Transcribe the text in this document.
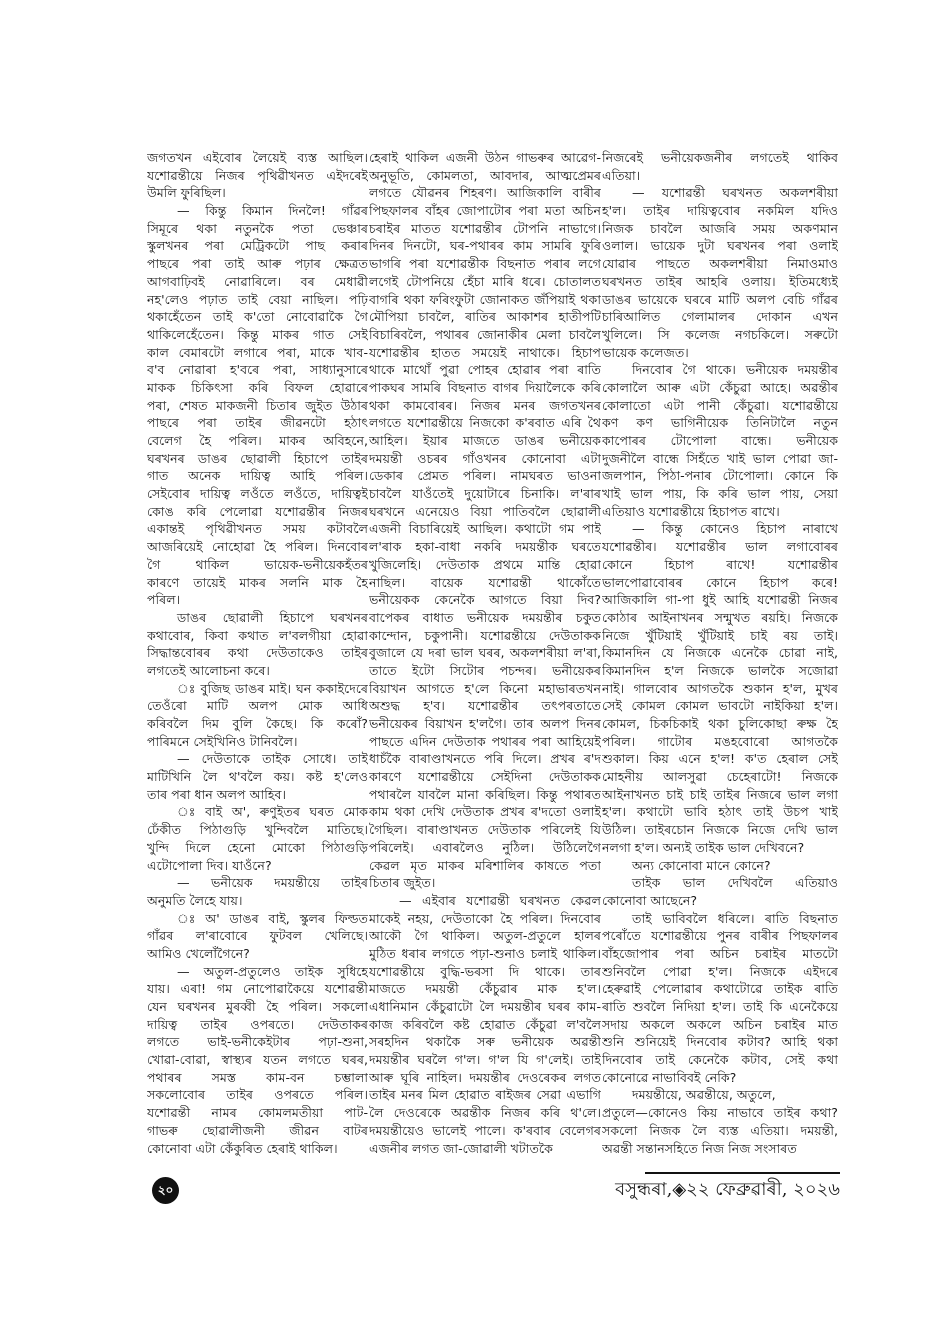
জগতখন এইবোৰ লৈয়েই ব্যস্ত আছিল।
যশোৱন্তীয়ে নিজৰ পৃথিৱীখনত এইদৰেই
উমলি ফুৰিছিল।
— কিন্তু কিমান দিনলৈ! গাঁৱৰ
সিমূৰে থকা নতুনকৈ পতা ভেঞ্চাৰ
স্কুলখনৰ পৰা মেট্ৰিকটো পাছ কৰাৰ
পাছৰে পৰা তাই আৰু পঢ়াৰ ক্ষেত্ৰত
আগবাঢ়িবই নোৱাৰিলে। বৰ মেধাৱী
নহ'লেও পঢ়াত তাই বেয়া নাছিল। পঢ়ি
থকাহেঁতেন তাই ক'তো নোবোৱাকৈ গৈ
থাকিলেহেঁতেন। কিন্তু মাকৰ গাত সেই
কাল বেমাৰটো লগাৰে পৰা, মাকে খাব-
ব'ব নোৱাৰা হ'বৰে পৰা, সাধ্যানুসাৰে
মাকক চিকিৎসা কৰি বিফল হোৱাৰে
পৰা, শেষত মাকজনী চিতাৰ জুইত উঠাৰ
পাছৰে পৰা তাইৰ জীৱনটো হঠাৎ
বেলেগ হৈ পৰিল। মাকৰ অবিহনে,
ঘৰখনৰ ডাঙৰ ছোৱালী হিচাপে তাইৰ
গাত অনেক দায়িত্ব আহি পৰিল।
সেইবোৰ দায়িত্ব লওঁতে লওঁতে, দায়িত্বই
কোঙ কৰি পেলোৱা যশোৱন্তীৰ নিজৰ
একান্তই পৃথিৱীখনত সময় কটাবলৈ
আজৰিয়েই নোহোৱা হৈ পৰিল। দিনবোৰ
গৈ থাকিল ভায়েক-ভনীয়েকহঁতৰ
কাৰণে তায়েই মাকৰ সলনি মাক হৈ
পৰিল।
ডাঙৰ ছোৱালী হিচাপে ঘৰখনৰ
কথাবোৰ, কিবা কথাত ল'বলগীয়া হোৱা
সিদ্ধান্তবোৰৰ কথা দেউতাকেও তাইৰ
লগতেই আলোচনা কৰে।
ঃ বুজিছ ডাঙৰ মাই। ঘন ককাইদেৰে
তেওঁৰো মাটি অলপ মোক আধি
কৰিবলৈ দিম বুলি কৈছে। কি কৰোঁ?
পাৰিমনে সেইখিনিও টানিবলৈ।
— দেউতাকে তাইক সোধে। তাই
মাটিখিনি লৈ থ'বলৈ কয়। কষ্ট হ'লেও
তাৰ পৰা ধান অলপ আহিব।
ঃ বাই অ', ৰুণুইতৰ ঘৰত মোক
ঢেঁকীত পিঠাগুড়ি খুন্দিবলৈ মাতিছে।
খুন্দি দিলে হেনো মোকো পিঠাগুড়ি
এটোপোলা দিব। যাওঁনে?
— ভনীয়েক দময়ন্তীয়ে তাইৰ
অনুমতি লৈহে যায়।
ঃ অ' ডাঙৰ বাই, স্কুলৰ ফিল্ডত
গাঁৱৰ ল'ৰাবোৰে ফুটবল খেলিছে।
আমিও খেলোঁগৈনে?
— অতুল-প্ৰতুলেও তাইক সুধিহে
যায়। এৰা! গম নোপোৱাকৈয়ে যশোৱন্তী
যেন ঘৰখনৰ মুৰব্বী হৈ পৰিল। সকলো
দায়িত্ব তাইৰ ওপৰতে। দেউতাকৰ
লগতে ভাই-ভনীকেইটাৰ পঢ়া-শুনা,
খোৱা-বোৱা, স্বাস্থ্যৰ যতন লগতে ঘৰৰ,
পথাৰৰ সমস্ত কাম-বন চম্ভালা
সকলোবোৰ তাইৰ ওপৰতে পৰিল।
যশোৱন্তী নামৰ কোমলমতীয়া পাট-
গাভৰু ছোৱালীজনী জীৱন বাটৰ
কোনোবা এটা কেঁকুৰিত হেৰাই থাকিল।
হেৰাই থাকিল এজনী উঠন গাভৰুৰ আৱেগ-
অনুভূতি, কোমলতা, আবদাৰ, আত্মপ্ৰেমৰ
লগতে যৌৱনৰ শিহৰণ। আজিকালি বাৰীৰ
পিছফালৰ বাঁহৰ জোপাটোৰ পৰা মতা অচিন
চৰাইৰ মাতত যশোৱন্তীৰ টোপনি নাভাগে।
দিনৰ দিনটো, ঘৰ-পথাৰৰ কাম সামৰি ফুৰি
ভাগৰি পৰা যশোৱন্তীক বিছনাত পৰাৰ লগে
লগেই টোপনিয়ে হেঁচা মাৰি ধৰে। চোতালত
বাগৰি থকা ফৰিংফুটা জোনাকত জঁপিয়াই থকা
মৌপিয়া চাবলৈ, ৰাতিৰ আকাশৰ হাতীপটি
বিচাৰিবলৈ, পথাৰৰ জোনাকীৰ মেলা চাবলৈ
যশোৱন্তীৰ হাতত সময়েই নাথাকে। হিচাপ
থাকে মাথোঁ পুৱা পোহৰ হোৱাৰ পৰা ৰাতি
পাকঘৰ সামৰি বিছনাত বাগৰ দিয়ালৈকে কৰি
থকা কামবোৰৰ। নিজৰ মনৰ জগতখনৰ
লগতে যশোৱন্তীয়ে নিজকো ক'ৰবাত এৰি থৈ
আহিল। ইয়াৰ মাজতে ডাঙৰ ভনীয়েক
দময়ন্তী ওচৰৰ গাঁওখনৰ কোনোবা এটা
ডেকাৰ প্ৰেমত পৰিল। নামঘৰত ভাওনা
চাবলৈ যাওঁতেই দুয়োটাৰে চিনাকি। ল'ৰাৰ
ঘৰখনে এনেয়েও বিয়া পাতিবলৈ ছোৱালী
এজনী বিচাৰিয়েই আছিল। কথাটো গম পাই
ল'ৰাক হকা-বাধা নকৰি দময়ন্তীক ঘৰতে
খুজিলেহি। দেউতাক প্ৰথমে মান্তি হোৱা
নাছিল। বায়েক যশোৱন্তী থাকোঁতে
ভনীয়েকক কেনেকৈ আগতে বিয়া দিব?
বাপেকৰ বাধাত ভনীয়েক দময়ন্তীৰ চকুত
কান্দোন, চকুপানী। যশোৱন্তীয়ে দেউতাকক
বুজালে যে দৰা ভাল ঘৰৰ, অকলশৰীয়া ল'ৰা,
তাতে ইটো সিটোৰ পচন্দৰ। ভনীয়েকৰ
বিয়াখন আগতে হ'লে কিনো মহাভাৰতখন
অশুদ্ধ হ'ব। যশোৱন্তীৰ তৎপৰতাতে
ভনীয়েকৰ বিয়াখন হ'লগৈ। তাৰ অলপ দিনৰ
পাছতে এদিন দেউতাক পথাৰৰ পৰা আহিয়েই
ধাচঁকৈ বাৰাণ্ডাখনতে পৰি দিলে। প্ৰখৰ ৰ'দ
কাৰণে যশোৱন্তীয়ে সেইদিনা দেউতাকক
পথাৰলৈ যাবলৈ মানা কৰিছিল। কিন্তু পথাৰত
কাম থকা দেখি দেউতাক প্ৰখৰ ৰ'দতো ওলাই
গৈছিল। বাৰাণ্ডাখনত দেউতাক পৰিলেই যি
পৰিলেই। এবাৰলৈও নুঠিল। উঠিলেগৈ
কেৱল মৃত মাকৰ মৰিশালিৰ কাষতে পতা
চিতাৰ জুইত।
— এইবাৰ যশোৱন্তী ঘৰখনত কেৱল
মাকেই নহয়, দেউতাকো হৈ পৰিল। দিনবোৰ
আকৌ গৈ থাকিল। অতুল-প্ৰতুলে হালৰ
মুঠিত ধৰাৰ লগতে পঢ়া-শুনাও চলাই থাকিল।
যশোৱন্তীয়ে বুদ্ধি-ভৰসা দি থাকে। তাৰ
মাজতে দময়ন্তী কেঁচুৱাৰ মাক হ'ল।
এধানিমান কেঁচুৱাটো লৈ দময়ন্তীৰ ঘৰৰ কাম-
কাজ কৰিবলৈ কষ্ট হোৱাত কেঁচুৱা ল'বলৈ
সৰহদিন থকাকৈ সৰু ভনীয়েক অৱন্তী
দময়ন্তীৰ ঘৰলৈ গ'ল। গ'ল যি গ'লেই। তাই
আৰু ঘূৰি নাহিল। দময়ন্তীৰ দেওৰেকৰ লগত
তাইৰ মনৰ মিল হোৱাত ৰাইজৰ সেৱা এভাগি
লৈ দেওৰেকে অৱন্তীক নিজৰ কৰি থ'লে।
দময়ন্তীয়েও ভালেই পালে। ক'ৰবাৰ বেলেগৰ
এজনীৰ লগত জা-জোৱালী খটাতকৈ
নিজৰেই ভনীয়েকজনীৰ লগতেই থাকিব
এতিয়া।
— যশোৱন্তী ঘৰখনত অকলশৰীয়া
হ'ল। তাইৰ দায়িত্ববোৰ নকমিল যদিও
নিজক চাবলৈ আজৰি সময় অকণমান
ওলাল। ভায়েক দুটা ঘৰখনৰ পৰা ওলাই
যোৱাৰ পাছতে অকলশৰীয়া নিমাওমাও
ঘৰখনত তাইৰ আহৰি ওলায়। ইতিমধ্যেই
ডাঙৰ ভায়েকে ঘৰৰে মাটি অলপ বেচি গাঁৱৰ
চাৰিআলিত গেলামালৰ দোকান এখন
খুলিলে। সি কলেজ নগচকিলে। সৰুটো
ভায়েক কলেজত।
দিনবোৰ গৈ থাকে। ভনীয়েক দময়ন্তীৰ
কোলালৈ আৰু এটা কেঁচুৱা আহে। অৱন্তীৰ
কোলাতো এটা পানী কেঁচুৱা। যশোৱন্তীয়ে
কণ কণ ভাগিনীয়েক তিনিটালৈ নতুন
কাপোৰৰ টোপোলা বান্ধে। ভনীয়েক
দুজনীলৈ বান্ধে সিহঁতে খাই ভাল পোৱা জা-
জলপান, পিঠা-পনাৰ টোপোলা। কোনে কি
খাই ভাল পায়, কি কৰি ভাল পায়, সেয়া
এতিয়াও যশোৱন্তীয়ে হিচাপত ৰাখে।
— কিন্তু কোনেও হিচাপ নাৰাখে
যশোৱন্তীৰ। যশোৱন্তীৰ ভাল লগাবোৰৰ
কোনে হিচাপ ৰাখে! যশোৱন্তীৰ
ভালপোৱাবোৰৰ কোনে হিচাপ কৰে!
আজিকালি গা-পা ধুই আহি যশোৱন্তী নিজৰ
কোঠাৰ আইনাখনৰ সন্মুখত ৰয়হি। নিজকে
নিজে খুঁটিয়াই খুঁটিয়াই চাই ৰয় তাই।
কিমানদিন যে নিজকে এনেকৈ চোৱা নাই,
কিমানদিন হ'ল নিজকে ভালকৈ সজোৱা
নাই। গালবোৰ আগতকৈ শুকান হ'ল, মুখৰ
সেই কোমল কোমল ভাবটো নাইকিয়া হ'ল।
কোমল, চিকচিকাই থকা চুলিকোছা ৰুক্ষ হৈ
পৰিল। গাটোৰ মঙহবোৰো আগতকৈ
শুকাল। কিয় এনে হ'ল! ক'ত হেৰাল সেই
মোহনীয় আলসুৱা চেহেৰাটো! নিজকে
আইনাখনত চাই চাই তাইৰ নিজৰে ভাল লগা
হ'ল। কথাটো ভাবি হঠাৎ তাই উচপ খাই
উঠিল। তাইৰচোন নিজকে নিজে দেখি ভাল
নলগা হ'ল। অন্যই তাইক ভাল দেখিবনে?
অন্য কোনোবা মানে কোনে?
তাইক ভাল দেখিবলৈ এতিয়াও
কোনোবা আছেনে?
তাই ভাবিবলৈ ধৰিলে। ৰাতি বিছনাত
পৰোঁতে যশোৱন্তীয়ে পুনৰ বাৰীৰ পিছফালৰ
বাঁহজোপাৰ পৰা অচিন চৰাইৰ মাতটো
শুনিবলৈ পোৱা হ'ল। নিজকে এইদৰে
হেৰুৱাই পেলোৱাৰ কথাটোৱে তাইক ৰাতি
ৰাতি শুবলৈ নিদিয়া হ'ল। তাই কি এনেকৈয়ে
সদায় অকলে অকলে অচিন চৰাইৰ মাত
শুনি শুনিয়েই দিনবোৰ কটাব? আহি থকা
দিনবোৰ তাই কেনেকৈ কটাব, সেই কথা
কোনোৱে নাভাবিবই নেকি?
দময়ন্তীয়ে, অৱন্তীয়ে, অতুলে,
প্ৰতুলে—কোনেও কিয় নাভাবে তাইৰ কথা?
সকলো নিজক লৈ ব্যস্ত এতিয়া। দময়ন্তী,
অৱন্তী সন্তানসহিতে নিজ নিজ সংসাৰত
২০	বসুন্ধৰা,◈২২ ফেব্ৰুৱাৰী, ২০২৬
